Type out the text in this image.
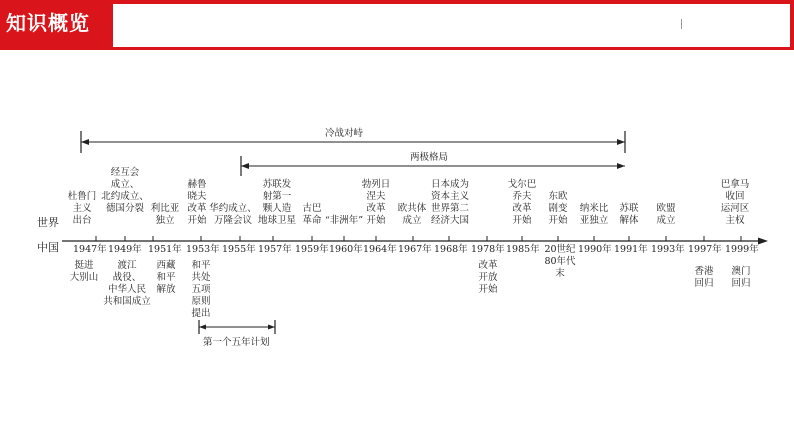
知识概览
冷战对峙
两极格局
第一个五年计划
世界
中国 1947年 1949年 1951年 1953年 1955年 1957年 1959年 1960年 1964年 1967年 1968年 1978年 1985年 20世纪
80年代末
1990年 1991年 1993年 1997年 1999年
杜鲁门
主义
出台
经互会
成立、
北约成立、
德国分裂 利比亚
独立
赫鲁
晓夫
改革
开始
华约成立、
万隆会议
苏联发
射第一
颗人造
地球卫星
古巴
革命 “非洲年”
勃列日
涅夫
改革
开始
欧共体
成立
日本成为
资本主义
世界第二
经济大国
戈尔巴
乔夫
改革
开始
东欧
剧变
开始
纳米比
亚独立
苏联
解体
欧盟
成立
巴拿马
收回
运河区
主权
挺进
大别山
渡江
战役、
中华人民
共和国成立
西藏
和平
解放
和平
共处
五项
原则
提出
改革
开放
开始
香港
回归
澳门
回归
